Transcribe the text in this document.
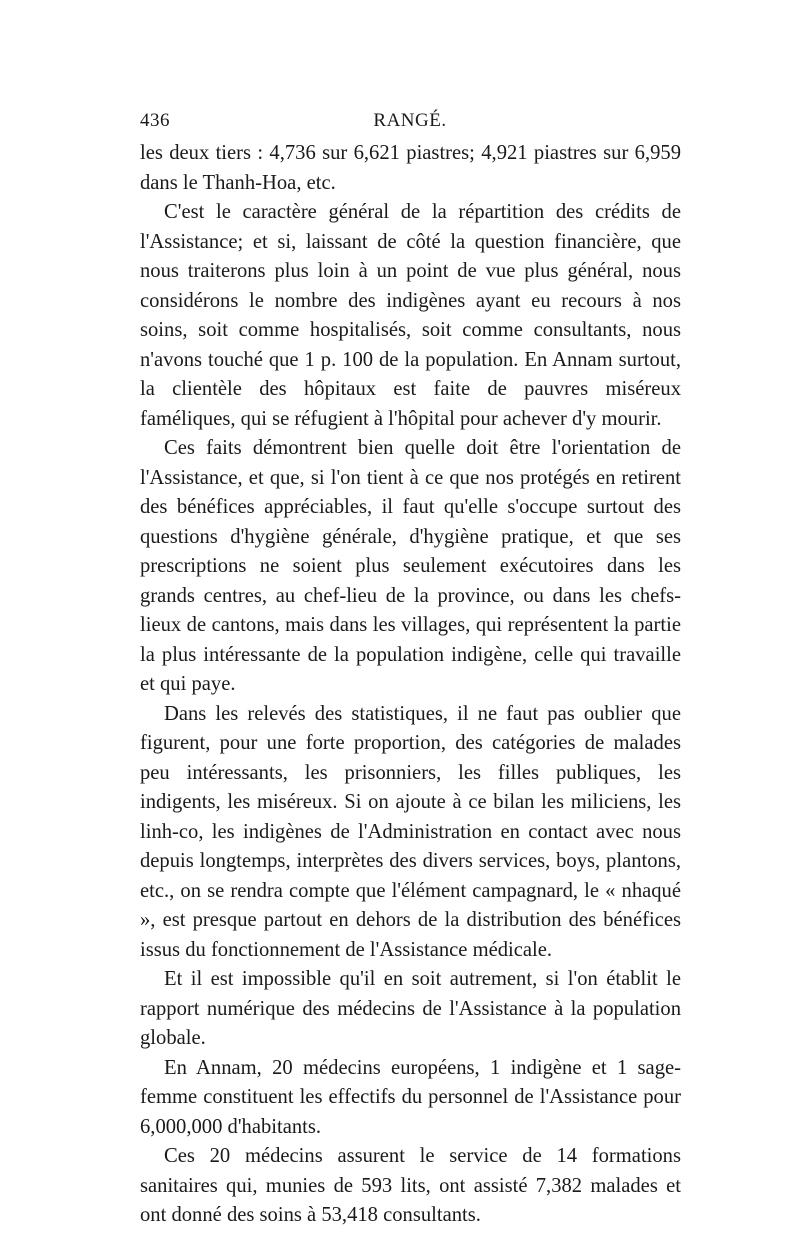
436	RANGÉ.

les deux tiers : 4,736 sur 6,621 piastres; 4,921 piastres sur 6,959 dans le Thanh-Hoa, etc.

C'est le caractère général de la répartition des crédits de l'Assistance; et si, laissant de côté la question financière, que nous traiterons plus loin à un point de vue plus général, nous considérons le nombre des indigènes ayant eu recours à nos soins, soit comme hospitalisés, soit comme consultants, nous n'avons touché que 1 p. 100 de la population. En Annam surtout, la clientèle des hôpitaux est faite de pauvres miséreux faméliques, qui se réfugient à l'hôpital pour achever d'y mourir.

Ces faits démontrent bien quelle doit être l'orientation de l'Assistance, et que, si l'on tient à ce que nos protégés en retirent des bénéfices appréciables, il faut qu'elle s'occupe surtout des questions d'hygiène générale, d'hygiène pratique, et que ses prescriptions ne soient plus seulement exécutoires dans les grands centres, au chef-lieu de la province, ou dans les chefs-lieux de cantons, mais dans les villages, qui représentent la partie la plus intéressante de la population indigène, celle qui travaille et qui paye.

Dans les relevés des statistiques, il ne faut pas oublier que figurent, pour une forte proportion, des catégories de malades peu intéressants, les prisonniers, les filles publiques, les indigents, les miséreux. Si on ajoute à ce bilan les miliciens, les linh-co, les indigènes de l'Administration en contact avec nous depuis longtemps, interprètes des divers services, boys, plantons, etc., on se rendra compte que l'élément campagnard, le « nhaqué », est presque partout en dehors de la distribution des bénéfices issus du fonctionnement de l'Assistance médicale.

Et il est impossible qu'il en soit autrement, si l'on établit le rapport numérique des médecins de l'Assistance à la population globale.

En Annam, 20 médecins européens, 1 indigène et 1 sage-femme constituent les effectifs du personnel de l'Assistance pour 6,000,000 d'habitants.

Ces 20 médecins assurent le service de 14 formations sanitaires qui, munies de 593 lits, ont assisté 7,382 malades et ont donné des soins à 53,418 consultants.
